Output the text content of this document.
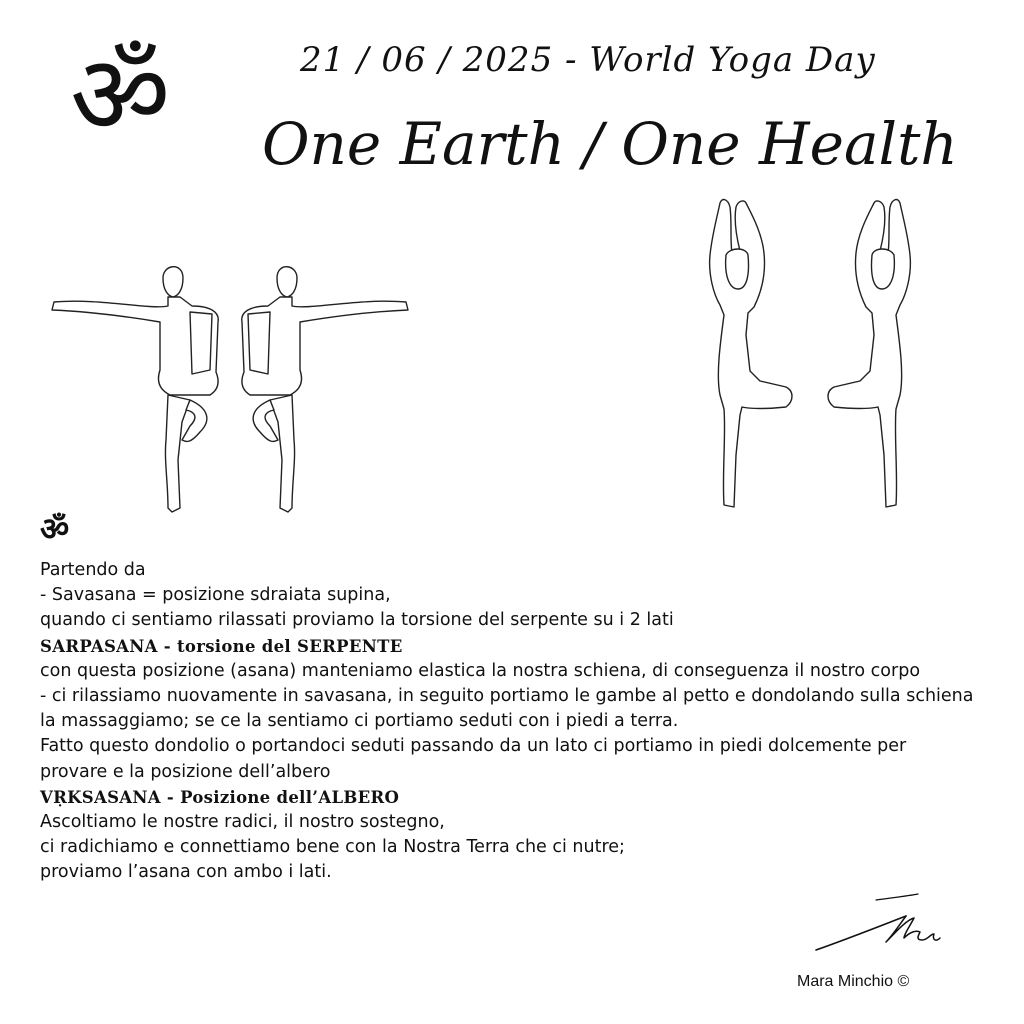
ॐ	21 / 06 / 2025 - World Yoga Day
One Earth / One Health
ॐ
Partendo da
- Savasana = posizione sdraiata supina,
quando ci sentiamo rilassati proviamo la torsione del serpente su i 2 lati
SARPASANA - torsione del SERPENTE
con questa posizione (asana) manteniamo elastica la nostra schiena, di conseguenza il nostro corpo
- ci rilassiamo nuovamente in savasana, in seguito portiamo le gambe al petto e dondolando sulla schiena
la massaggiamo; se ce la sentiamo ci portiamo seduti con i piedi a terra.
Fatto questo dondolio o portandoci seduti passando da un lato ci portiamo in piedi dolcemente per
provare e la posizione dell’albero
VṚKSASANA - Posizione dell’ALBERO
Ascoltiamo le nostre radici, il nostro sostegno,
ci radichiamo e connettiamo bene con la Nostra Terra che ci nutre;
proviamo l’asana con ambo i lati.
Mara Minchio ©
